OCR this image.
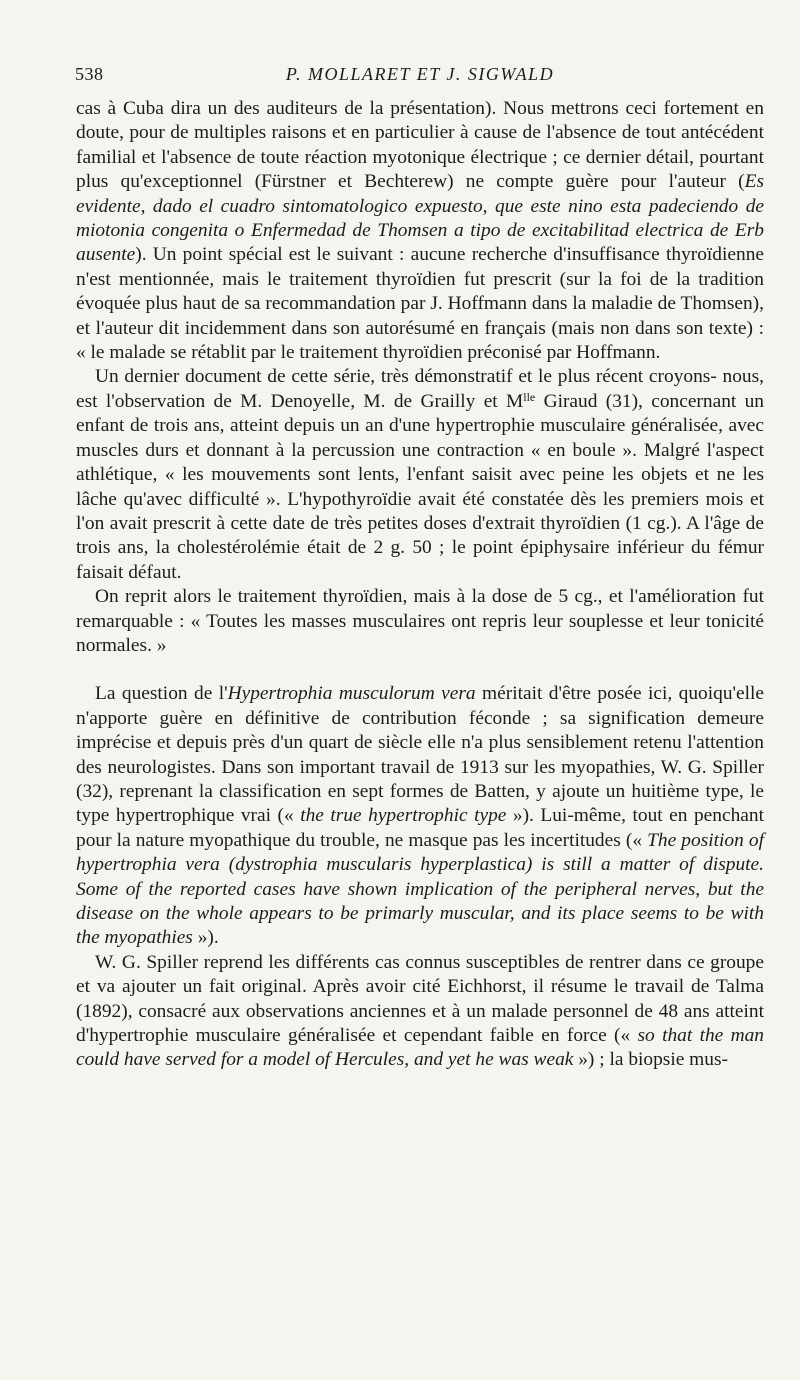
538	P. MOLLARET ET J. SIGWALD

cas à Cuba dira un des auditeurs de la présentation). Nous mettrons ceci fortement en doute, pour de multiples raisons et en particulier à cause de l'absence de tout antécédent familial et l'absence de toute réaction myotonique électrique ; ce dernier détail, pourtant plus qu'exceptionnel (Fürstner et Bechterew) ne compte guère pour l'auteur (Es evidente, dado el cuadro sintomatologico expuesto, que este nino esta padeciendo de miotonia congenita o Enfermedad de Thomsen a tipo de excitabilitad electrica de Erb ausente). Un point spécial est le suivant : aucune recherche d'insuffisance thyroïdienne n'est mentionnée, mais le traitement thyroïdien fut prescrit (sur la foi de la tradition évoquée plus haut de sa recommandation par J. Hoffmann dans la maladie de Thomsen), et l'auteur dit incidemment dans son autorésumé en français (mais non dans son texte) : « le malade se rétablit par le traitement thyroïdien préconisé par Hoffmann.

Un dernier document de cette série, très démonstratif et le plus récent croyons- nous, est l'observation de M. Denoyelle, M. de Grailly et $M^{lle}$ Giraud (31), concernant un enfant de trois ans, atteint depuis un an d'une hypertrophie musculaire généralisée, avec muscles durs et donnant à la percussion une contraction « en boule ». Malgré l'aspect athlétique, « les mouvements sont lents, l'enfant saisit avec peine les objets et ne les lâche qu'avec difficulté ». L'hypothyroïdie avait été constatée dès les premiers mois et l'on avait prescrit à cette date de très petites doses d'extrait thyroïdien (1 cg.). A l'âge de trois ans, la cholestérolémie était de 2 g. 50 ; le point épiphysaire inférieur du fémur faisait défaut.

On reprit alors le traitement thyroïdien, mais à la dose de 5 cg., et l'amélioration fut remarquable : « Toutes les masses musculaires ont repris leur souplesse et leur tonicité normales. »

La question de l'Hypertrophia musculorum vera méritait d'être posée ici, quoiqu'elle n'apporte guère en définitive de contribution féconde ; sa signification demeure imprécise et depuis près d'un quart de siècle elle n'a plus sensiblement retenu l'attention des neurologistes. Dans son important travail de 1913 sur les myopathies, W. G. Spiller (32), reprenant la classification en sept formes de Batten, y ajoute un huitième type, le type hypertrophique vrai (« the true hypertrophic type »). Lui-même, tout en penchant pour la nature myopathique du trouble, ne masque pas les incertitudes (« The position of hypertrophia vera (dystrophia muscularis hyperplastica) is still a matter of dispute. Some of the reported cases have shown implication of the peripheral nerves, but the disease on the whole appears to be primarly muscular, and its place seems to be with the myopathies »).

W. G. Spiller reprend les différents cas connus susceptibles de rentrer dans ce groupe et va ajouter un fait original. Après avoir cité Eichhorst, il résume le travail de Talma (1892), consacré aux observations anciennes et à un malade personnel de 48 ans atteint d'hypertrophie musculaire généralisée et cependant faible en force (« so that the man could have served for a model of Hercules, and yet he was weak ») ; la biopsie mus-
